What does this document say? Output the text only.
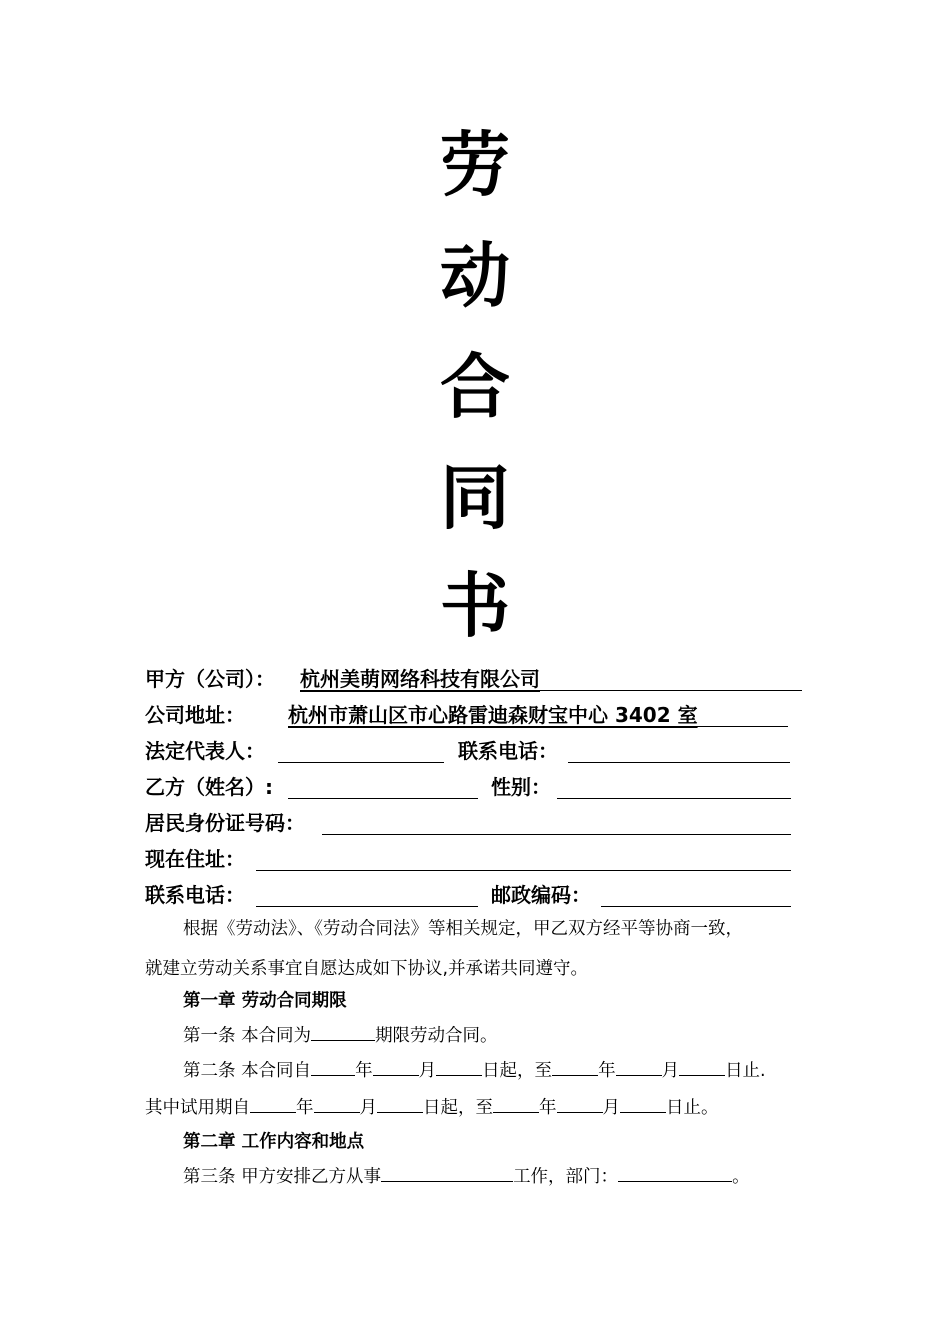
劳
动
合
同
书
甲方（公司）： 杭州美萌网络科技有限公司
公司地址： 杭州市萧山区市心路雷迪森财宝中心 3402 室
法定代表人：	联系电话：
乙方（姓名）:	性别：
居民身份证号码：
现在住址：
联系电话：	邮政编码：
根据《劳动法》、《劳动合同法》等相关规定，甲乙双方经平等协商一致，
就建立劳动关系事宜自愿达成如下协议,并承诺共同遵守。
第一章 劳动合同期限
第一条 本合同为	期限劳动合同。
第二条 本合同自	年	月	日起，至	年	月	日止.
其中试用期自	年	月	日起，至	年	月	日止。
第二章 工作内容和地点
第三条 甲方安排乙方从事	工作，部门：	。
